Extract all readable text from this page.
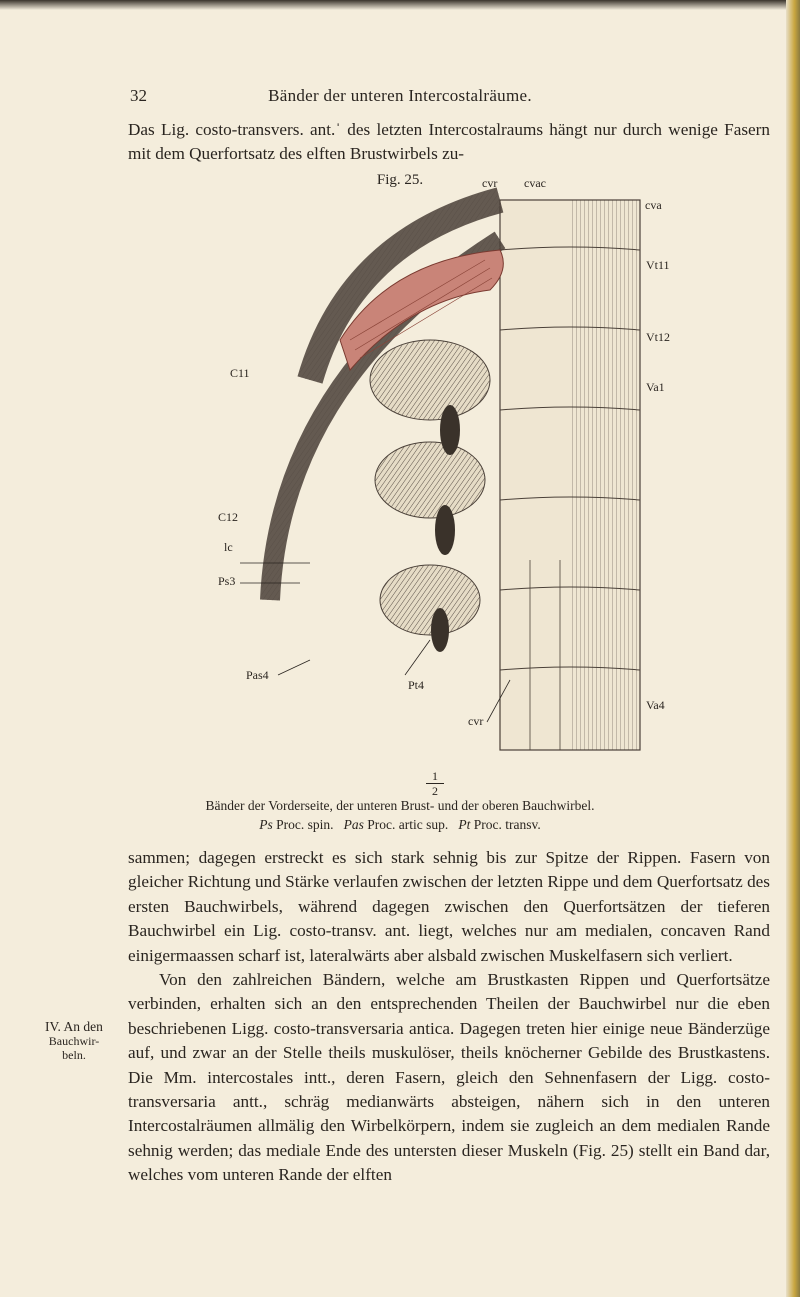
32	Bänder der unteren Intercostalräume.

Das Lig. costo-transvers. ant.ˈ des letzten Intercostalraums hängt nur durch wenige Fasern mit dem Querfortsatz des elften Brustwirbels zu-

Fig. 25.	cvr cvac
cva
Vt11
Vt12
Va1
C11
C12
lc
Ps3
Pas4
Pt4
cvr
Va4
1
2
Bänder der Vorderseite, der unteren Brust- und der oberen Bauchwirbel.
Ps Proc. spin. Pas Proc. artic sup. Pt Proc. transv.

sammen; dagegen erstreckt es sich stark sehnig bis zur Spitze der Rippen. Fasern von gleicher Richtung und Stärke verlaufen zwischen der letzten Rippe und dem Querfortsatz des ersten Bauchwirbels, während dagegen zwischen den Querfortsätzen der tieferen Bauchwirbel ein Lig. costo-transv. ant. liegt, welches nur am medialen, concaven Rand einigermaassen scharf ist, lateralwärts aber alsbald zwischen Muskelfasern sich verliert.

Von den zahlreichen Bändern, welche am Brustkasten Rippen und Querfortsätze verbinden, erhalten sich an den entsprechenden Theilen der Bauchwirbel nur die eben beschriebenen Ligg. costo-transversaria antica. Dagegen treten hier einige neue Bänderzüge auf, und zwar an der Stelle theils muskulöser, theils knöcherner Gebilde des Brustkastens. Die Mm. intercostales intt., deren Fasern, gleich den Sehnenfasern der Ligg. costo-transversaria antt., schräg medianwärts absteigen, nähern sich in den unteren Intercostalräumen allmälig den Wirbelkörpern, indem sie zugleich an dem medialen Rande sehnig werden; das mediale Ende des untersten dieser Muskeln (Fig. 25) stellt ein Band dar, welches vom unteren Rande der elften

IV. An den
Bauchwir-
beln.
